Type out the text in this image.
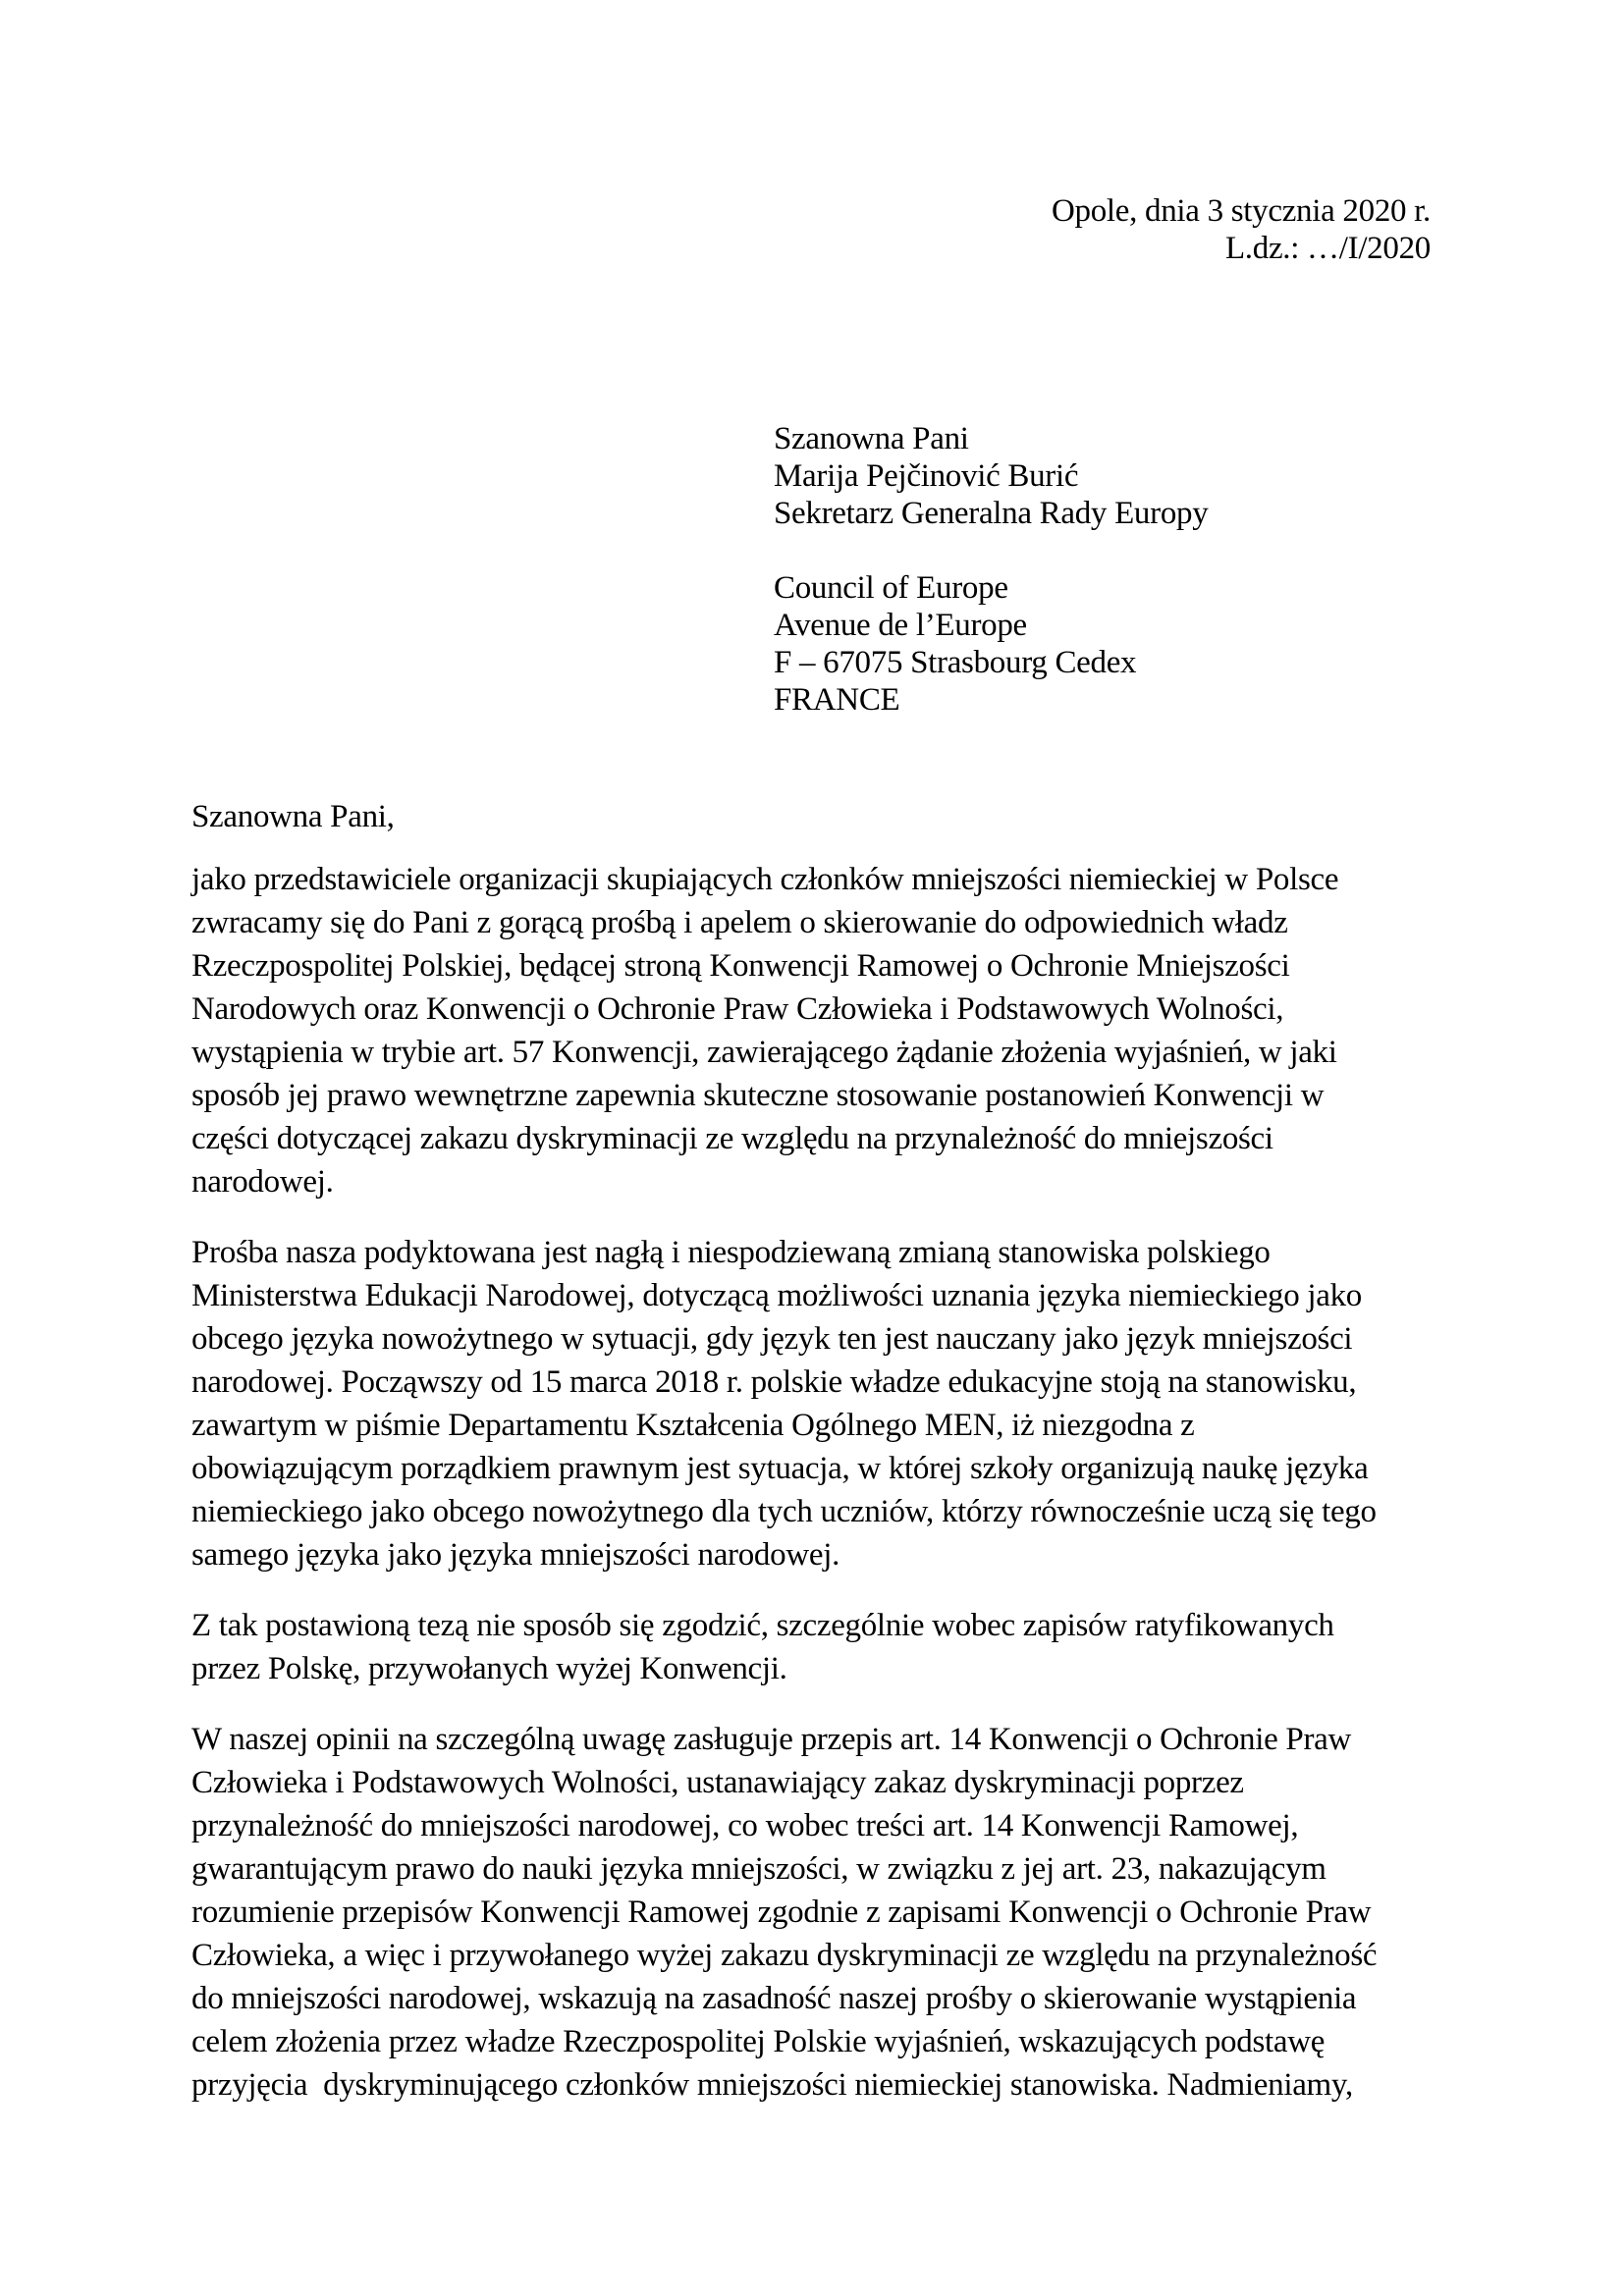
Opole, dnia 3 stycznia 2020 r.
L.dz.: …/I/2020
Szanowna Pani
Marija Pejčinović Burić
Sekretarz Generalna Rady Europy
Council of Europe
Avenue de l’Europe
F – 67075 Strasbourg Cedex
FRANCE
Szanowna Pani,
jako przedstawiciele organizacji skupiających członków mniejszości niemieckiej w Polsce
zwracamy się do Pani z gorącą prośbą i apelem o skierowanie do odpowiednich władz
Rzeczpospolitej Polskiej, będącej stroną Konwencji Ramowej o Ochronie Mniejszości
Narodowych oraz Konwencji o Ochronie Praw Człowieka i Podstawowych Wolności,
wystąpienia w trybie art. 57 Konwencji, zawierającego żądanie złożenia wyjaśnień, w jaki
sposób jej prawo wewnętrzne zapewnia skuteczne stosowanie postanowień Konwencji w
części dotyczącej zakazu dyskryminacji ze względu na przynależność do mniejszości
narodowej.
Prośba nasza podyktowana jest nagłą i niespodziewaną zmianą stanowiska polskiego
Ministerstwa Edukacji Narodowej, dotyczącą możliwości uznania języka niemieckiego jako
obcego języka nowożytnego w sytuacji, gdy język ten jest nauczany jako język mniejszości
narodowej. Począwszy od 15 marca 2018 r. polskie władze edukacyjne stoją na stanowisku,
zawartym w piśmie Departamentu Kształcenia Ogólnego MEN, iż niezgodna z
obowiązującym porządkiem prawnym jest sytuacja, w której szkoły organizują naukę języka
niemieckiego jako obcego nowożytnego dla tych uczniów, którzy równocześnie uczą się tego
samego języka jako języka mniejszości narodowej.
Z tak postawioną tezą nie sposób się zgodzić, szczególnie wobec zapisów ratyfikowanych
przez Polskę, przywołanych wyżej Konwencji.
W naszej opinii na szczególną uwagę zasługuje przepis art. 14 Konwencji o Ochronie Praw
Człowieka i Podstawowych Wolności, ustanawiający zakaz dyskryminacji poprzez
przynależność do mniejszości narodowej, co wobec treści art. 14 Konwencji Ramowej,
gwarantującym prawo do nauki języka mniejszości, w związku z jej art. 23, nakazującym
rozumienie przepisów Konwencji Ramowej zgodnie z zapisami Konwencji o Ochronie Praw
Człowieka, a więc i przywołanego wyżej zakazu dyskryminacji ze względu na przynależność
do mniejszości narodowej, wskazują na zasadność naszej prośby o skierowanie wystąpienia
celem złożenia przez władze Rzeczpospolitej Polskie wyjaśnień, wskazujących podstawę
przyjęcia  dyskryminującego członków mniejszości niemieckiej stanowiska. Nadmieniamy,
